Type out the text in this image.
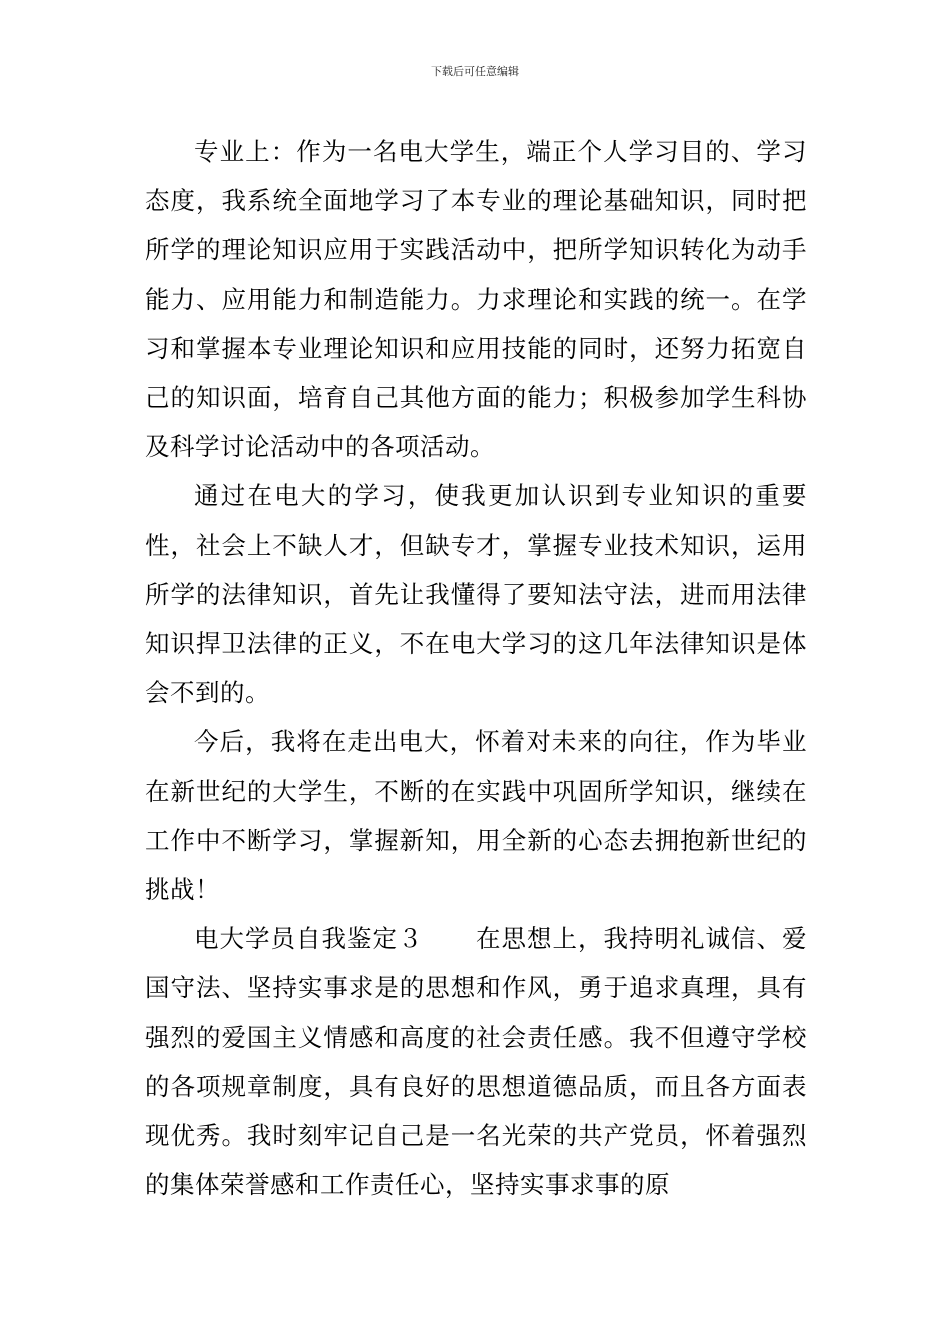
下载后可任意编辑

专业上：作为一名电大学生，端正个人学习目的、学习态度，我系统全面地学习了本专业的理论基础知识，同时把所学的理论知识应用于实践活动中，把所学知识转化为动手能力、应用能力和制造能力。力求理论和实践的统一。在学习和掌握本专业理论知识和应用技能的同时，还努力拓宽自己的知识面，培育自己其他方面的能力；积极参加学生科协及科学讨论活动中的各项活动。

通过在电大的学习，使我更加认识到专业知识的重要性，社会上不缺人才，但缺专才，掌握专业技术知识，运用所学的法律知识，首先让我懂得了要知法守法，进而用法律知识捍卫法律的正义，不在电大学习的这几年法律知识是体会不到的。

今后，我将在走出电大，怀着对未来的向往，作为毕业在新世纪的大学生，不断的在实践中巩固所学知识，继续在工作中不断学习，掌握新知，用全新的心态去拥抱新世纪的挑战！

电大学员自我鉴定３ 在思想上，我持明礼诚信、爱国守法、坚持实事求是的思想和作风，勇于追求真理，具有强烈的爱国主义情感和高度的社会责任感。我不但遵守学校的各项规章制度，具有良好的思想道德品质，而且各方面表现优秀。我时刻牢记自己是一名光荣的共产党员，怀着强烈的集体荣誉感和工作责任心，坚持实事求事的原
